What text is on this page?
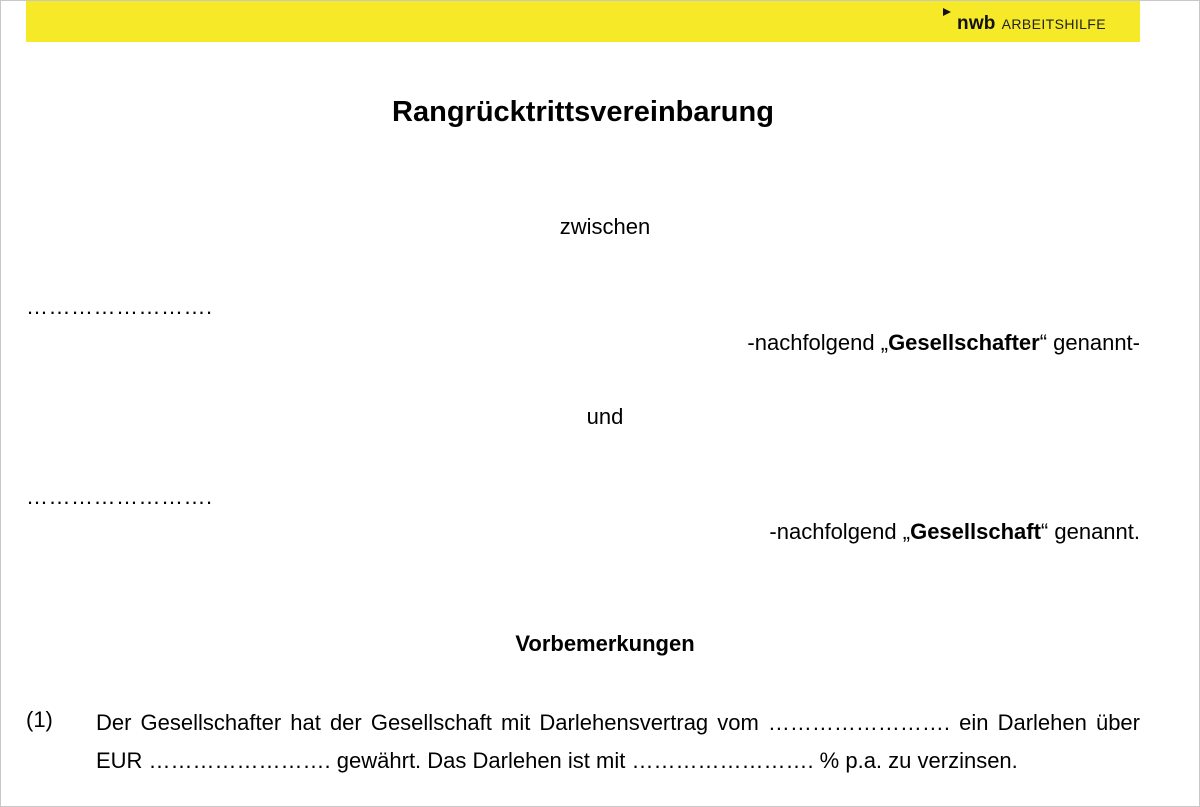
nwb ARBEITSHILFE
Rangrücktrittsvereinbarung
zwischen
…………………….
-nachfolgend „Gesellschafter“ genannt-
und
…………………….
-nachfolgend „Gesellschaft“ genannt.
Vorbemerkungen
(1) Der Gesellschafter hat der Gesellschaft mit Darlehensvertrag vom ……………………. ein Darlehen über EUR ……………………. gewährt. Das Darlehen ist mit ……………………. % p.a. zu verzinsen.
